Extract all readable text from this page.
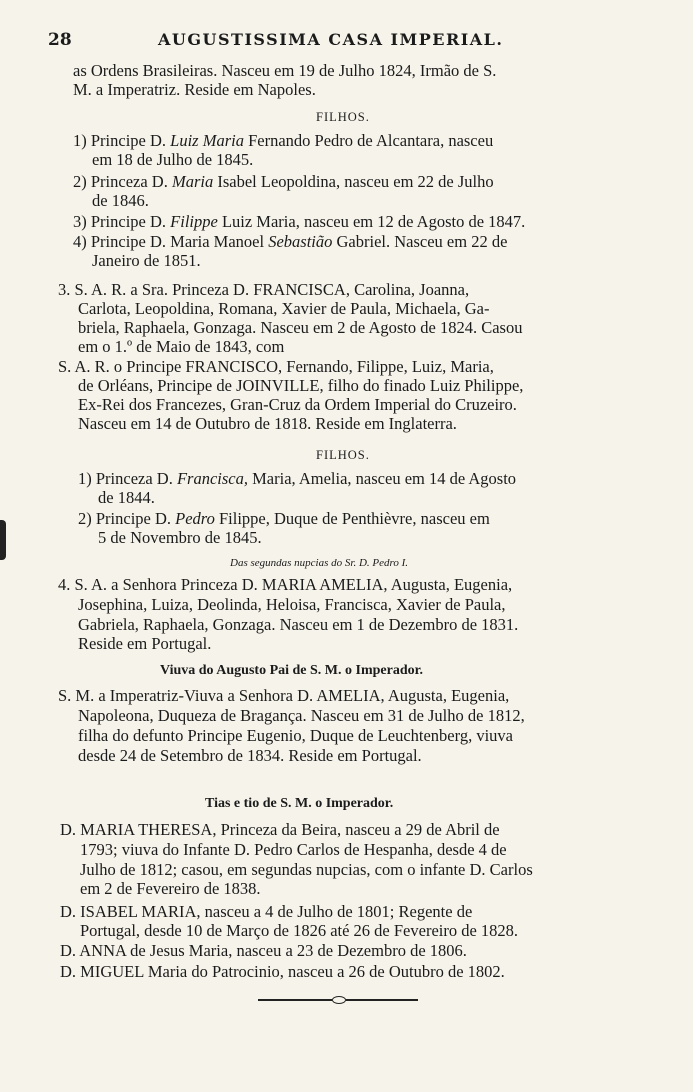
28	AUGUSTISSIMA CASA IMPERIAL.
as Ordens Brasileiras. Nasceu em 19 de Julho 1824, Irmão de S.
M. a Imperatriz. Reside em Napoles.
FILHOS.
1) Principe D. Luiz Maria Fernando Pedro de Alcantara, nasceu
em 18 de Julho de 1845.
2) Princeza D. Maria Isabel Leopoldina, nasceu em 22 de Julho
de 1846.
3) Principe D. Filippe Luiz Maria, nasceu em 12 de Agosto de 1847.
4) Principe D. Maria Manoel Sebastião Gabriel. Nasceu em 22 de
Janeiro de 1851.
3. S. A. R. a Sra. Princeza D. FRANCISCA, Carolina, Joanna,
Carlota, Leopoldina, Romana, Xavier de Paula, Michaela, Ga-
briela, Raphaela, Gonzaga. Nasceu em 2 de Agosto de 1824. Casou
em o 1.º de Maio de 1843, com
S. A. R. o Principe FRANCISCO, Fernando, Filippe, Luiz, Maria,
de Orléans, Principe de JOINVILLE, filho do finado Luiz Philippe,
Ex-Rei dos Francezes, Gran-Cruz da Ordem Imperial do Cruzeiro.
Nasceu em 14 de Outubro de 1818. Reside em Inglaterra.
FILHOS.
1) Princeza D. Francisca, Maria, Amelia, nasceu em 14 de Agosto
de 1844.
2) Principe D. Pedro Filippe, Duque de Penthièvre, nasceu em
5 de Novembro de 1845.
Das segundas nupcias do Sr. D. Pedro I.
4. S. A. a Senhora Princeza D. MARIA AMELIA, Augusta, Eugenia,
Josephina, Luiza, Deolinda, Heloisa, Francisca, Xavier de Paula,
Gabriela, Raphaela, Gonzaga. Nasceu em 1 de Dezembro de 1831.
Reside em Portugal.
Viuva do Augusto Pai de S. M. o Imperador.
S. M. a Imperatriz-Viuva a Senhora D. AMELIA, Augusta, Eugenia,
Napoleona, Duqueza de Bragança. Nasceu em 31 de Julho de 1812,
filha do defunto Principe Eugenio, Duque de Leuchtenberg, viuva
desde 24 de Setembro de 1834. Reside em Portugal.
Tias e tio de S. M. o Imperador.
D. MARIA THERESA, Princeza da Beira, nasceu a 29 de Abril de
1793; viuva do Infante D. Pedro Carlos de Hespanha, desde 4 de
Julho de 1812; casou, em segundas nupcias, com o infante D. Carlos
em 2 de Fevereiro de 1838.
D. ISABEL MARIA, nasceu a 4 de Julho de 1801; Regente de
Portugal, desde 10 de Março de 1826 até 26 de Fevereiro de 1828.
D. ANNA de Jesus Maria, nasceu a 23 de Dezembro de 1806.
D. MIGUEL Maria do Patrocinio, nasceu a 26 de Outubro de 1802.
